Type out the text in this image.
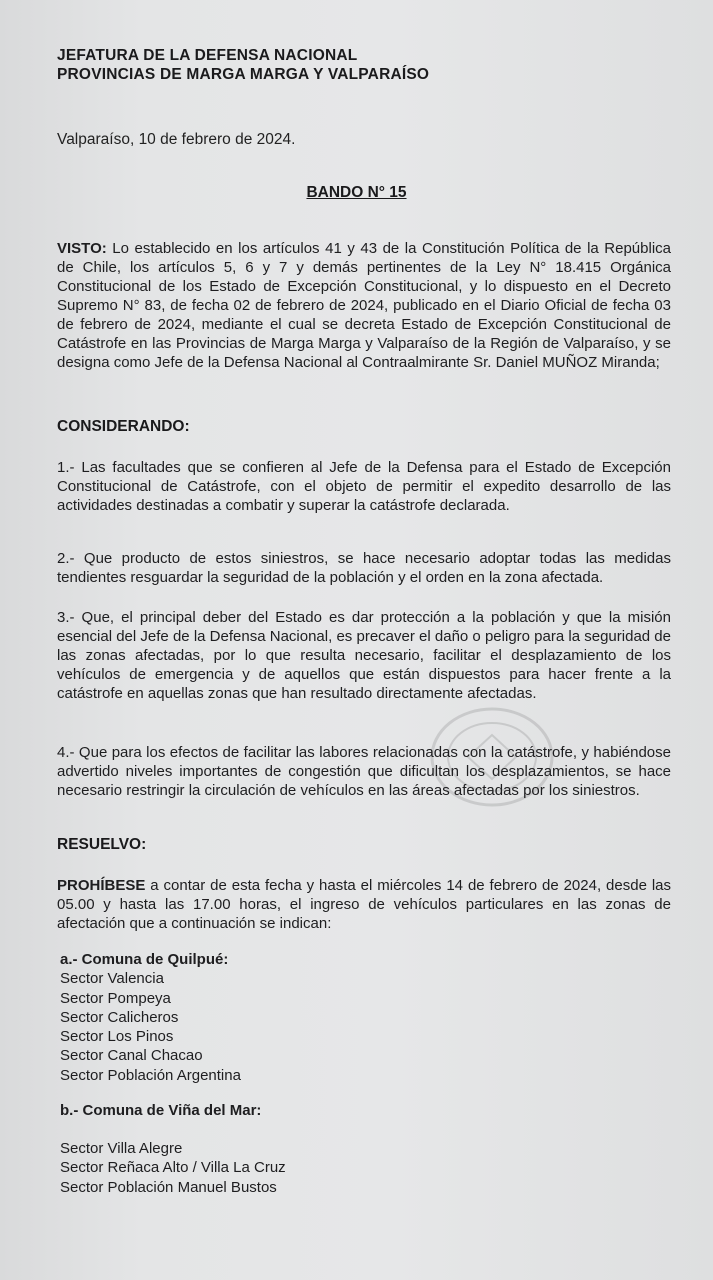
JEFATURA DE LA DEFENSA NACIONAL
PROVINCIAS DE MARGA MARGA Y VALPARAÍSO
Valparaíso, 10 de febrero de 2024.
BANDO N° 15
VISTO: Lo establecido en los artículos 41 y 43 de la Constitución Política de la República de Chile, los artículos 5, 6 y 7 y demás pertinentes de la Ley N° 18.415 Orgánica Constitucional de los Estado de Excepción Constitucional, y lo dispuesto en el Decreto Supremo N° 83, de fecha 02 de febrero de 2024, publicado en el Diario Oficial de fecha 03 de febrero de 2024, mediante el cual se decreta Estado de Excepción Constitucional de Catástrofe en las Provincias de Marga Marga y Valparaíso de la Región de Valparaíso, y se designa como Jefe de la Defensa Nacional al Contraalmirante Sr. Daniel MUÑOZ Miranda;
CONSIDERANDO:
1.- Las facultades que se confieren al Jefe de la Defensa para el Estado de Excepción Constitucional de Catástrofe, con el objeto de permitir el expedito desarrollo de las actividades destinadas a combatir y superar la catástrofe declarada.
2.- Que producto de estos siniestros, se hace necesario adoptar todas las medidas tendientes resguardar la seguridad de la población y el orden en la zona afectada.
3.- Que, el principal deber del Estado es dar protección a la población y que la misión esencial del Jefe de la Defensa Nacional, es precaver el daño o peligro para la seguridad de las zonas afectadas, por lo que resulta necesario, facilitar el desplazamiento de los vehículos de emergencia y de aquellos que están dispuestos para hacer frente a la catástrofe en aquellas zonas que han resultado directamente afectadas.
4.- Que para los efectos de facilitar las labores relacionadas con la catástrofe, y habiéndose advertido niveles importantes de congestión que dificultan los desplazamientos, se hace necesario restringir la circulación de vehículos en las áreas afectadas por los siniestros.
RESUELVO:
PROHÍBESE a contar de esta fecha y hasta el miércoles 14 de febrero de 2024, desde las 05.00 y hasta las 17.00 horas, el ingreso de vehículos particulares en las zonas de afectación que a continuación se indican:
a.- Comuna de Quilpué:
Sector Valencia
Sector Pompeya
Sector Calicheros
Sector Los Pinos
Sector Canal Chacao
Sector Población Argentina
b.- Comuna de Viña del Mar:
Sector Villa Alegre
Sector Reñaca Alto / Villa La Cruz
Sector Población Manuel Bustos
